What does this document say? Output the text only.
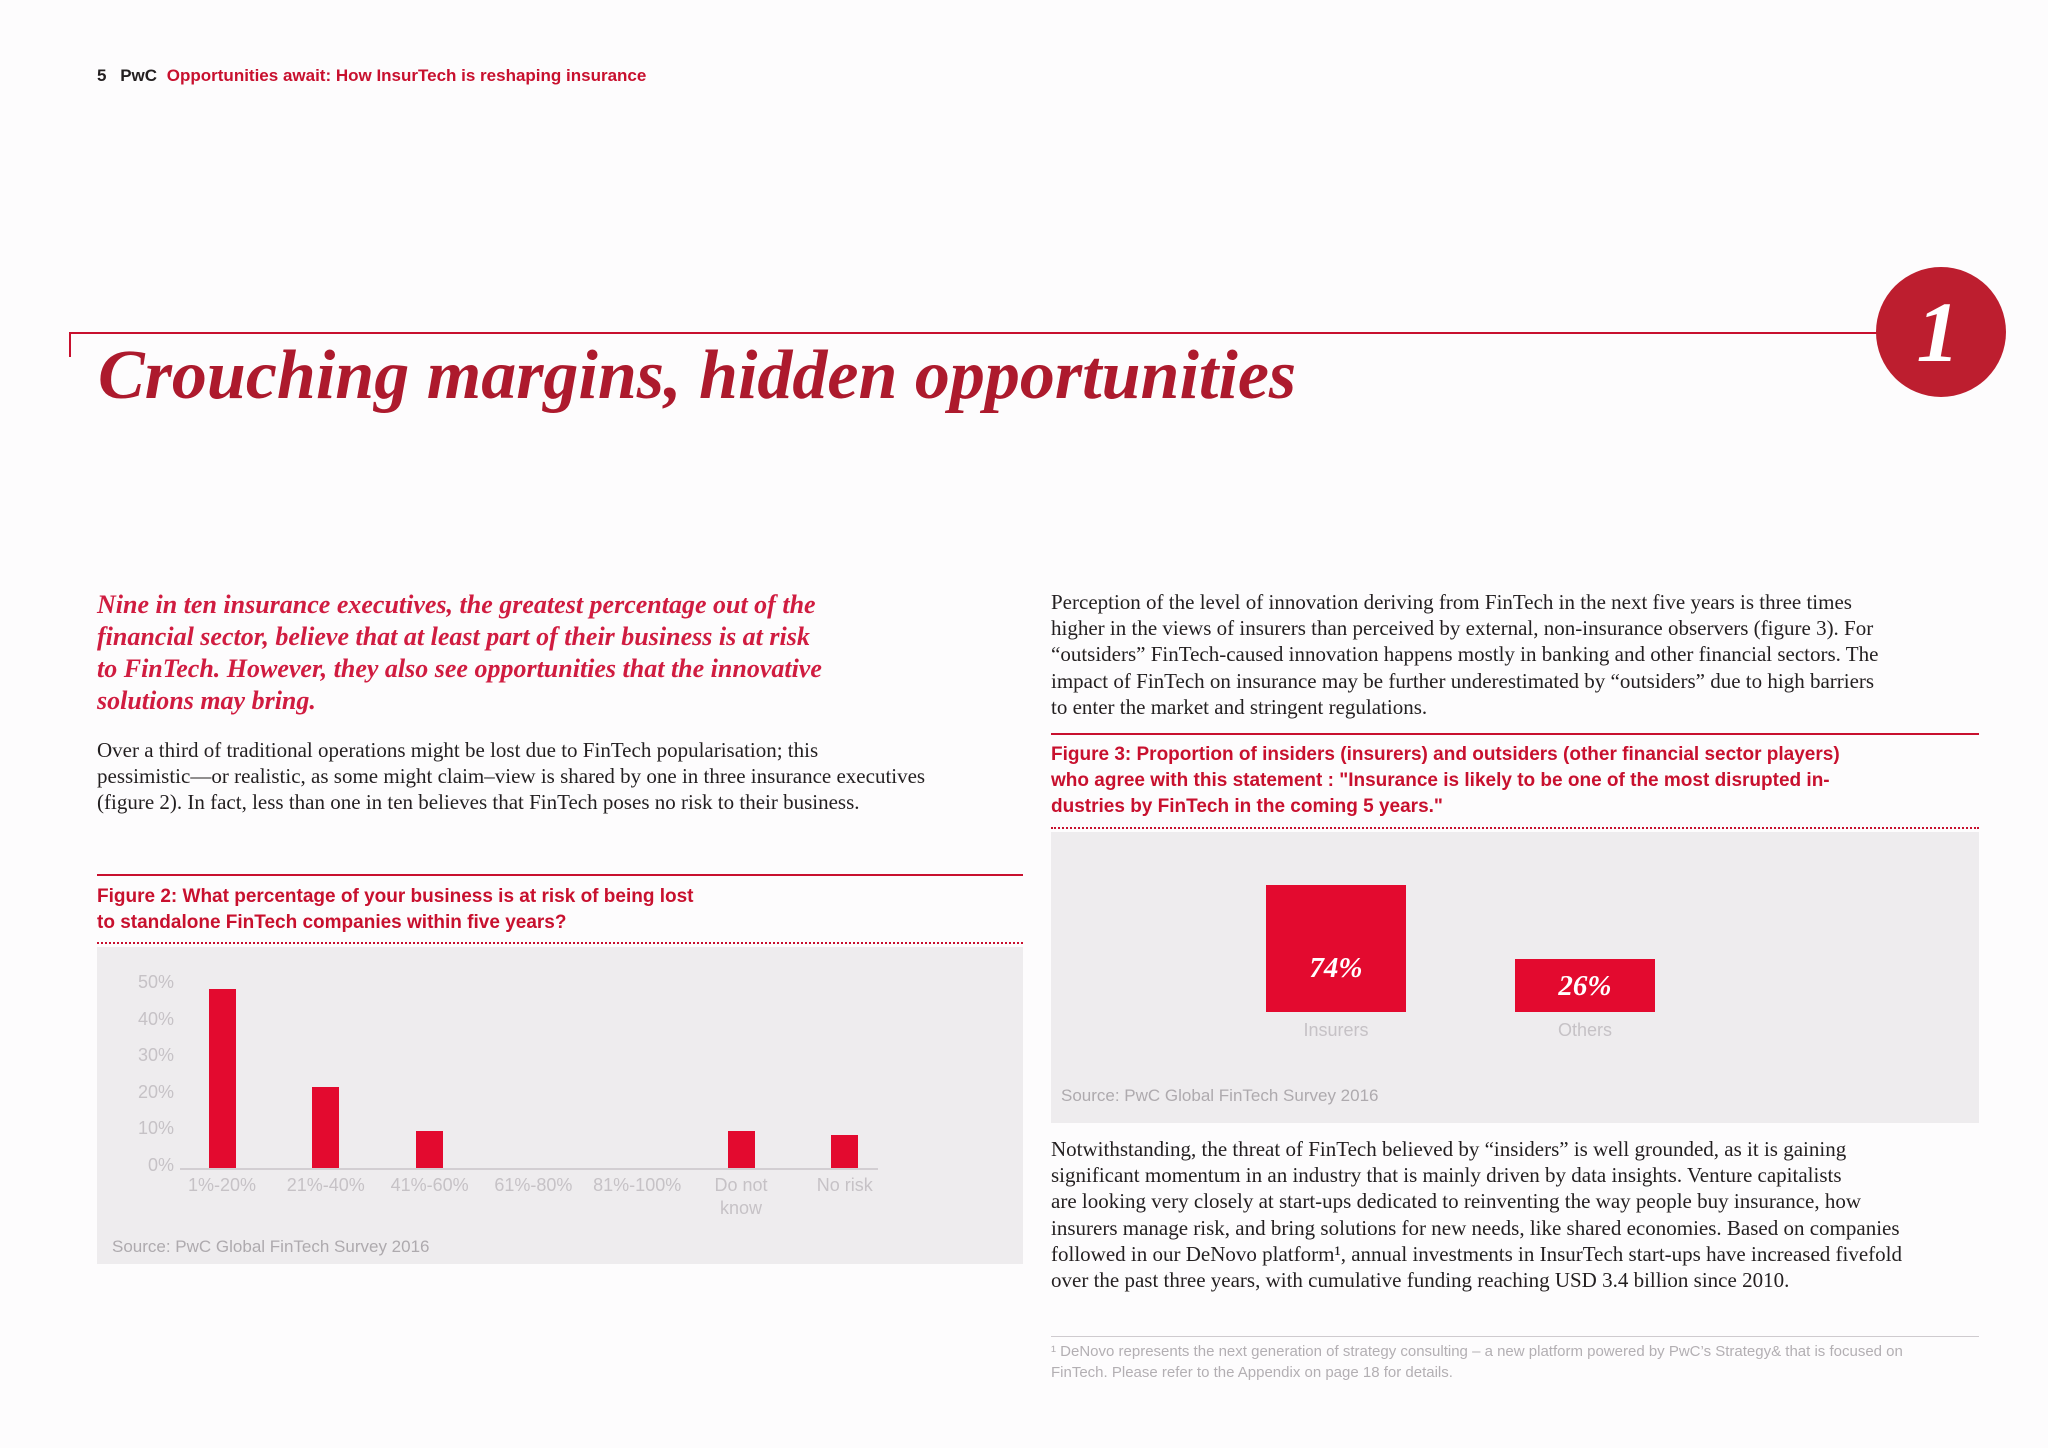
5 PwC Opportunities await: How InsurTech is reshaping insurance
1
Crouching margins, hidden opportunities
Nine in ten insurance executives, the greatest percentage out of the
financial sector, believe that at least part of their business is at risk
to FinTech. However, they also see opportunities that the innovative
solutions may bring.
Over a third of traditional operations might be lost due to FinTech popularisation; this
pessimistic—or realistic, as some might claim–view is shared by one in three insurance executives
(figure 2). In fact, less than one in ten believes that FinTech poses no risk to their business.
Figure 2: What percentage of your business is at risk of being lost
to standalone FinTech companies within five years?
Source: PwC Global FinTech Survey 2016
0%
10%
20%
30%
40%
50%
1%-20%	21%-40%	41%-60%	61%-80%	81%-100%	Do not know
No risk
Perception of the level of innovation deriving from FinTech in the next five years is three times
higher in the views of insurers than perceived by external, non-insurance observers (figure 3). For
“outsiders” FinTech-caused innovation happens mostly in banking and other financial sectors. The
impact of FinTech on insurance may be further underestimated by “outsiders” due to high barriers
to enter the market and stringent regulations.
Figure 3: Proportion of insiders (insurers) and outsiders (other financial sector players)
who agree with this statement : "Insurance is likely to be one of the most disrupted in-
dustries by FinTech in the coming 5 years."
Source: PwC Global FinTech Survey 2016
74%
Insurers
26%
Others
Notwithstanding, the threat of FinTech believed by “insiders” is well grounded, as it is gaining
significant momentum in an industry that is mainly driven by data insights. Venture capitalists
are looking very closely at start-ups dedicated to reinventing the way people buy insurance, how
insurers manage risk, and bring solutions for new needs, like shared economies. Based on companies
followed in our DeNovo platform¹, annual investments in InsurTech start-ups have increased fivefold
over the past three years, with cumulative funding reaching USD 3.4 billion since 2010.
¹ DeNovo represents the next generation of strategy consulting – a new platform powered by PwC’s Strategy& that is focused on
FinTech. Please refer to the Appendix on page 18 for details.
